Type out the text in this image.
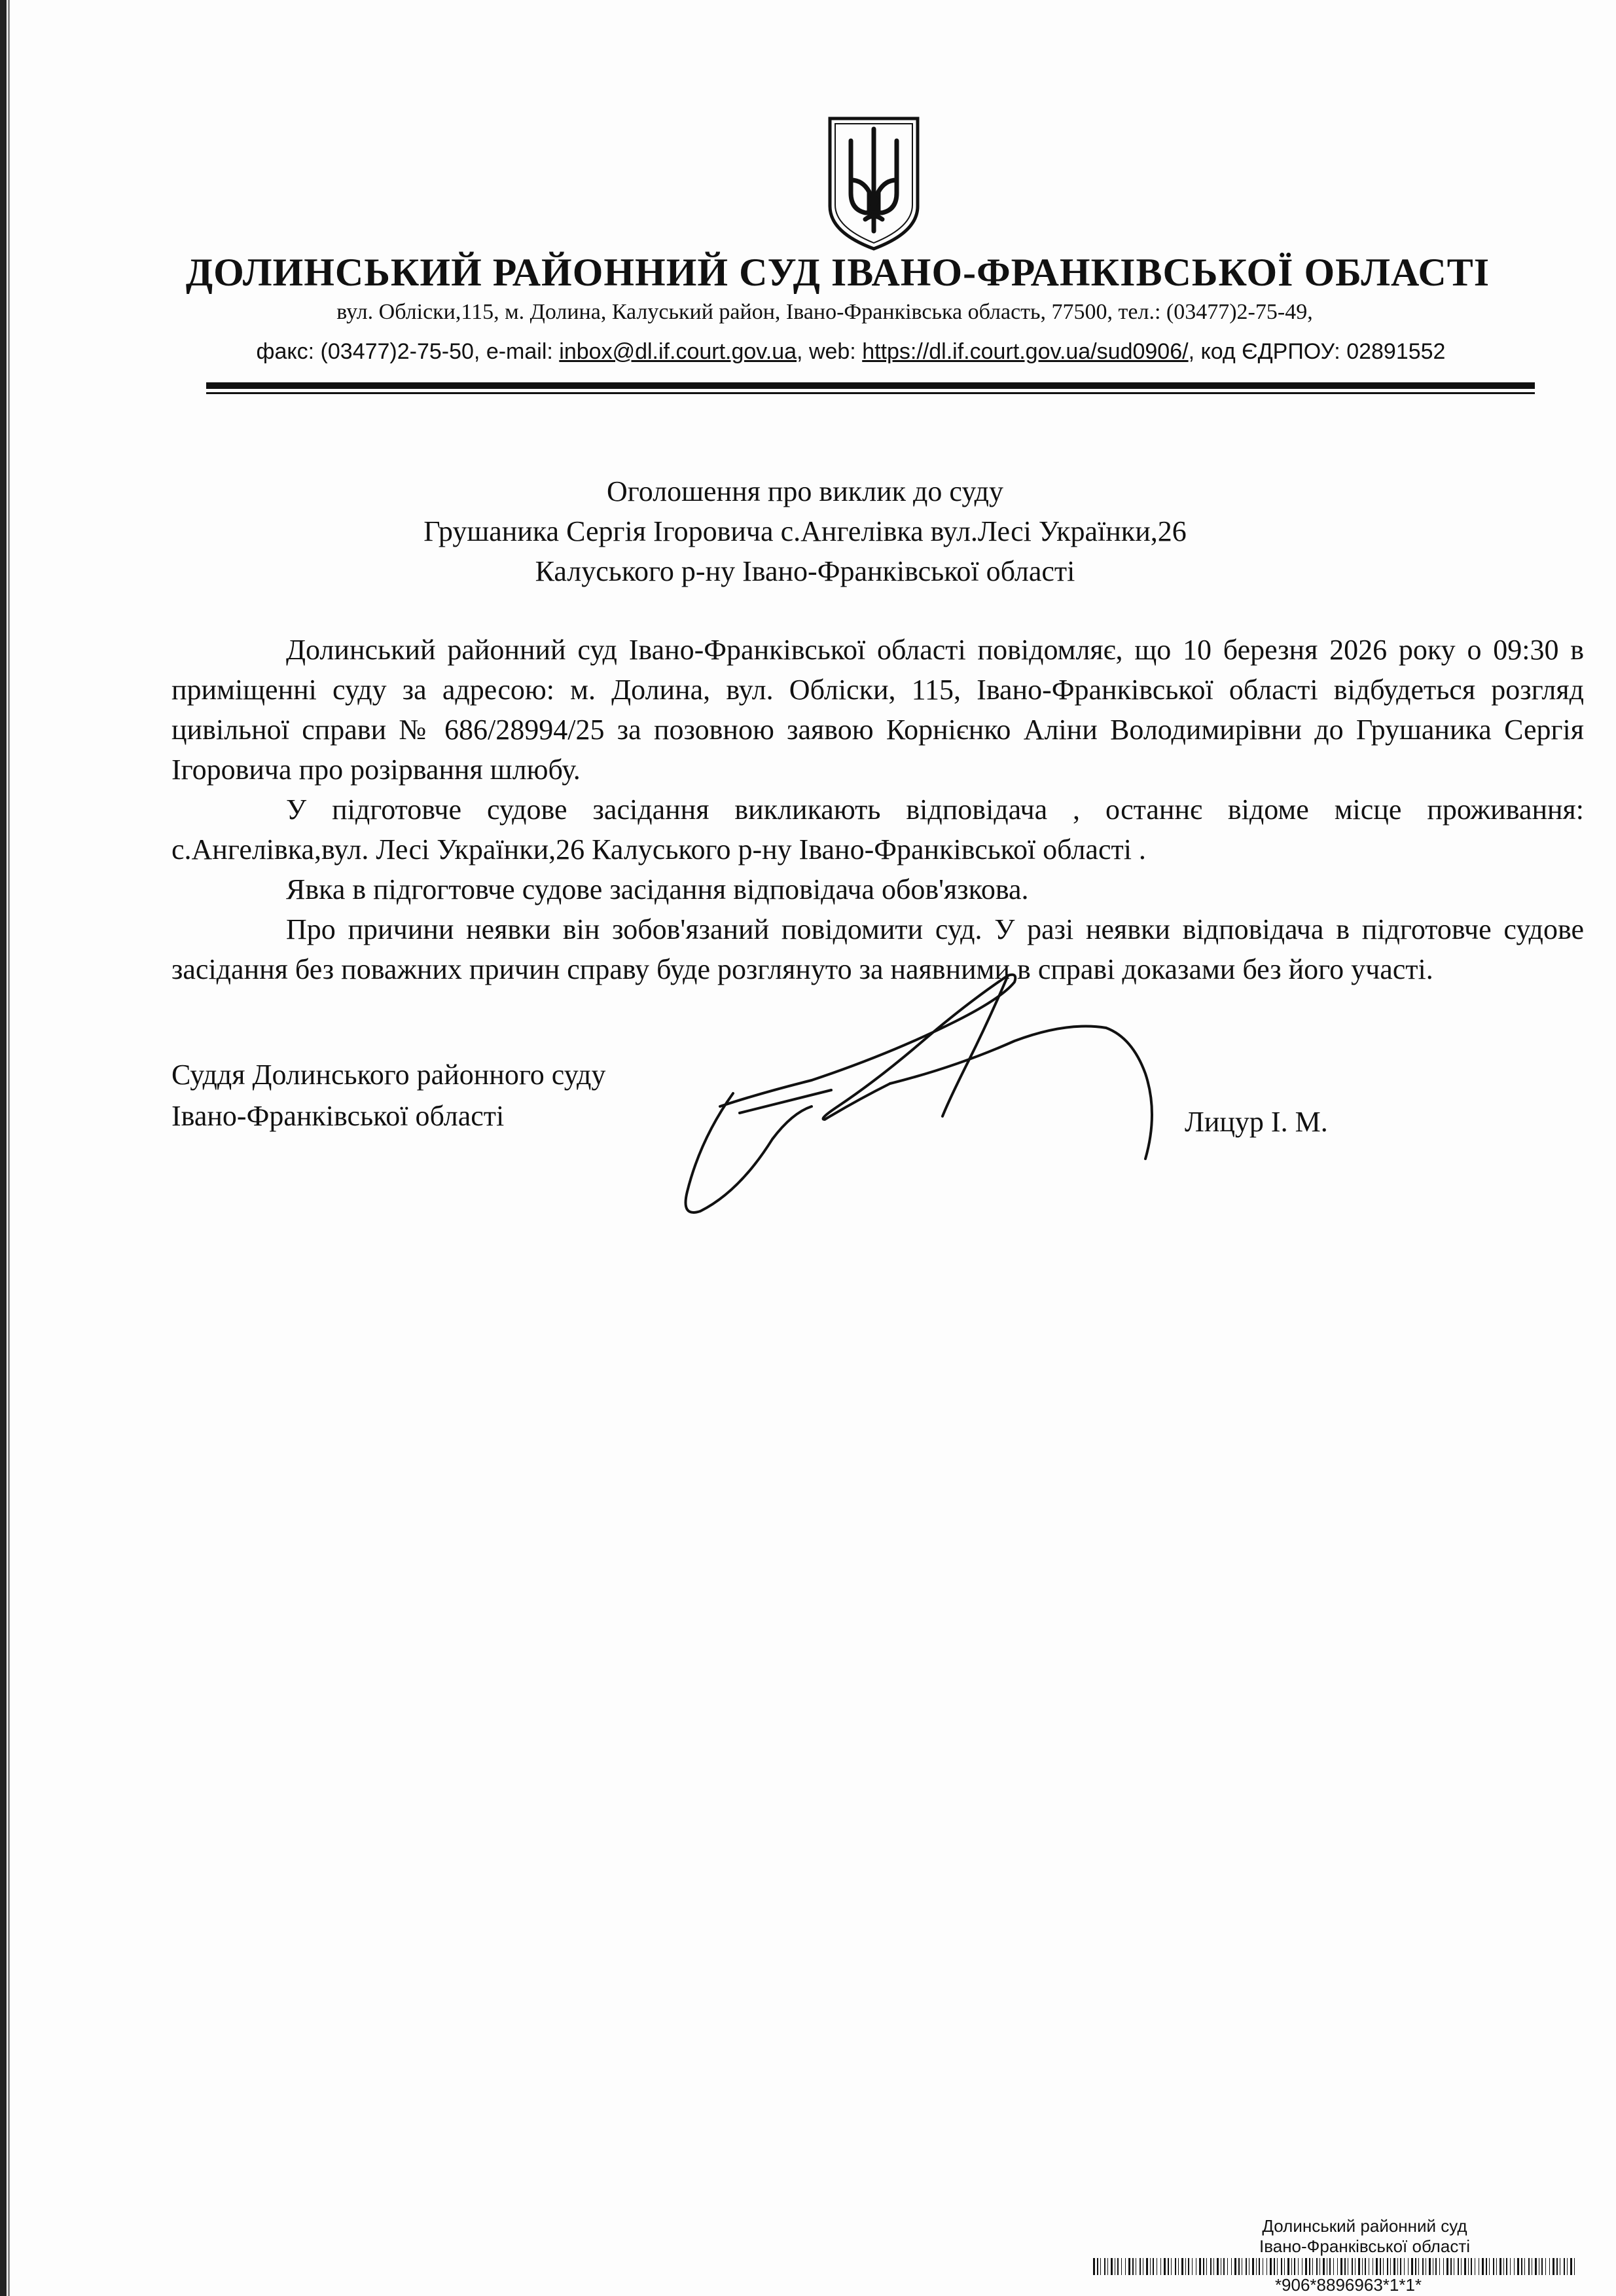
ДОЛИНСЬКИЙ РАЙОННИЙ СУД ІВАНО-ФРАНКІВСЬКОЇ ОБЛАСТІ
вул. Обліски,115, м. Долина, Калуський район, Івано-Франківська область, 77500, тел.: (03477)2-75-49,
факс: (03477)2-75-50, e-mail: inbox@dl.if.court.gov.ua, web: https://dl.if.court.gov.ua/sud0906/, код ЄДРПОУ: 02891552
Оголошення про виклик до суду
Грушаника Сергія Ігоровича с.Ангелівка вул.Лесі Українки,26
Калуського р-ну Івано-Франківської області

Долинський районний суд Івано-Франківської області повідомляє, що 10 березня 2026 року о 09:30 в приміщенні суду за адресою: м. Долина, вул. Обліски, 115, Івано-Франківської області відбудеться розгляд цивільної справи № 686/28994/25 за позовною заявою Корнієнко Аліни Володимирівни до Грушаника Сергія Ігоровича про розірвання шлюбу.

У підготовче судове засідання викликають відповідача , останнє відоме місце проживання: с.Ангелівка,вул. Лесі Українки,26 Калуського р-ну Івано-Франківської області .

Явка в підгогтовче судове засідання відповідача обов'язкова.

Про причини неявки він зобов'язаний повідомити суд. У разі неявки відповідача в підготовче судове засідання без поважних причин справу буде розглянуто за наявними в справі доказами без його участі.

Суддя Долинського районного суду
Івано-Франківської області	Лицур І. М.
Долинський районний суд
Івано-Франківської області
*906*8896963*1*1*
